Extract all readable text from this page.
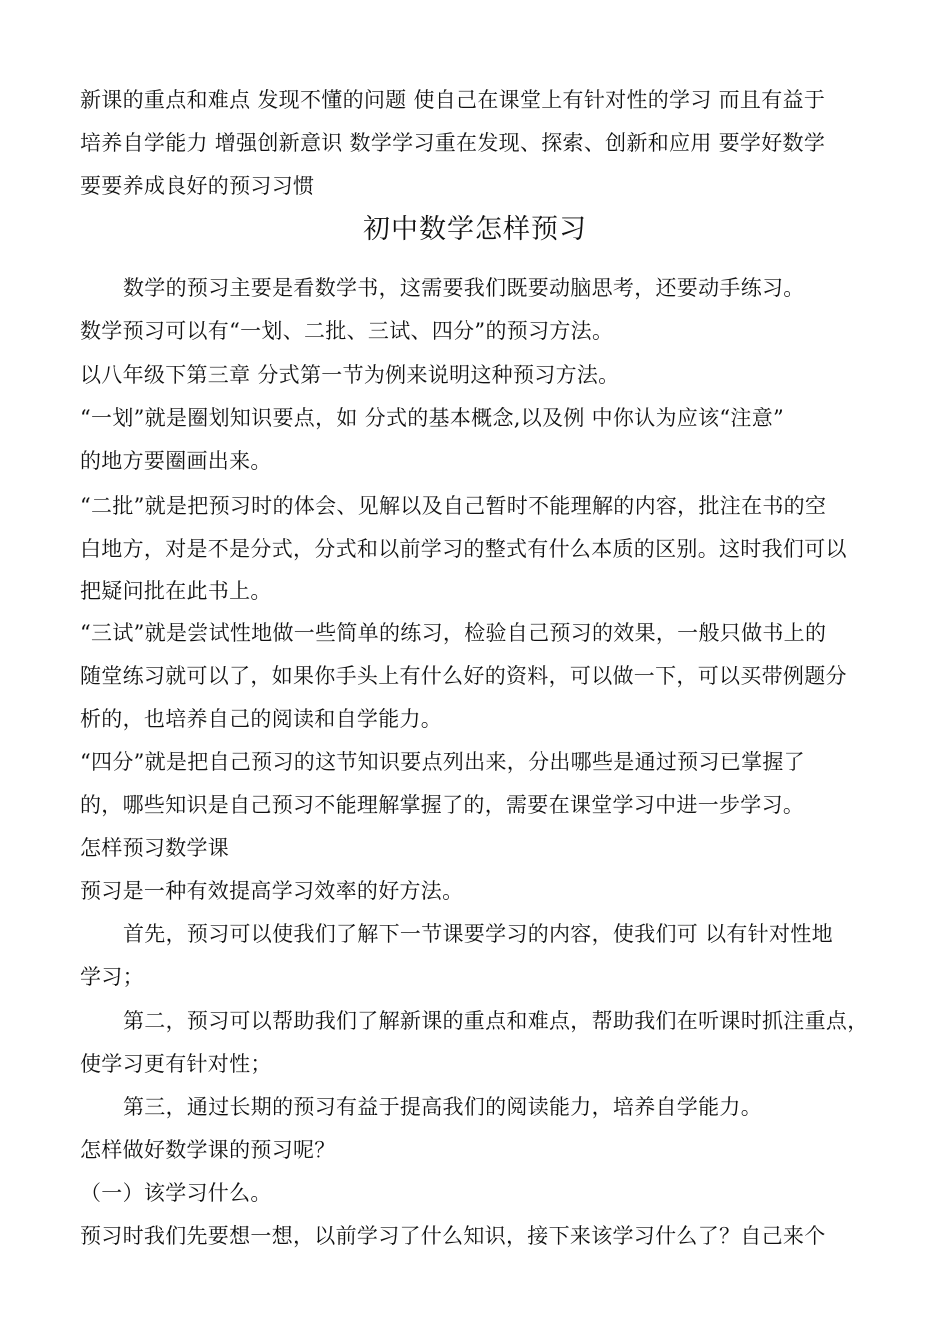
新课的重点和难点 发现不懂的问题 使自己在课堂上有针对性的学习 而且有益于

培养自学能力 增强创新意识 数学学习重在发现、探索、创新和应用 要学好数学

要要养成良好的预习习惯

初中数学怎样预习

数学的预习主要是看数学书，这需要我们既要动脑思考，还要动手练习。

数学预习可以有“一划、二批、三试、四分”的预习方法。

以八年级下第三章 分式第一节为例来说明这种预习方法。

“一划”就是圈划知识要点，如 分式的基本概念,以及例 中你认为应该“注意”

的地方要圈画出来。

“二批”就是把预习时的体会、见解以及自己暂时不能理解的内容，批注在书的空

白地方，对是不是分式，分式和以前学习的整式有什么本质的区别。这时我们可以

把疑问批在此书上。

“三试”就是尝试性地做一些简单的练习，检验自己预习的效果，一般只做书上的

随堂练习就可以了，如果你手头上有什么好的资料，可以做一下，可以买带例题分

析的，也培养自己的阅读和自学能力。

“四分”就是把自己预习的这节知识要点列出来，分出哪些是通过预习已掌握了

的，哪些知识是自己预习不能理解掌握了的，需要在课堂学习中进一步学习。

怎样预习数学课

预习是一种有效提高学习效率的好方法。

首先，预习可以使我们了解下一节课要学习的内容，使我们可 以有针对性地

学习；

第二，预习可以帮助我们了解新课的重点和难点，帮助我们在听课时抓注重点，

使学习更有针对性；

第三，通过长期的预习有益于提高我们的阅读能力，培养自学能力。

怎样做好数学课的预习呢？

（一）该学习什么。

预习时我们先要想一想，以前学习了什么知识，接下来该学习什么了？自己来个
